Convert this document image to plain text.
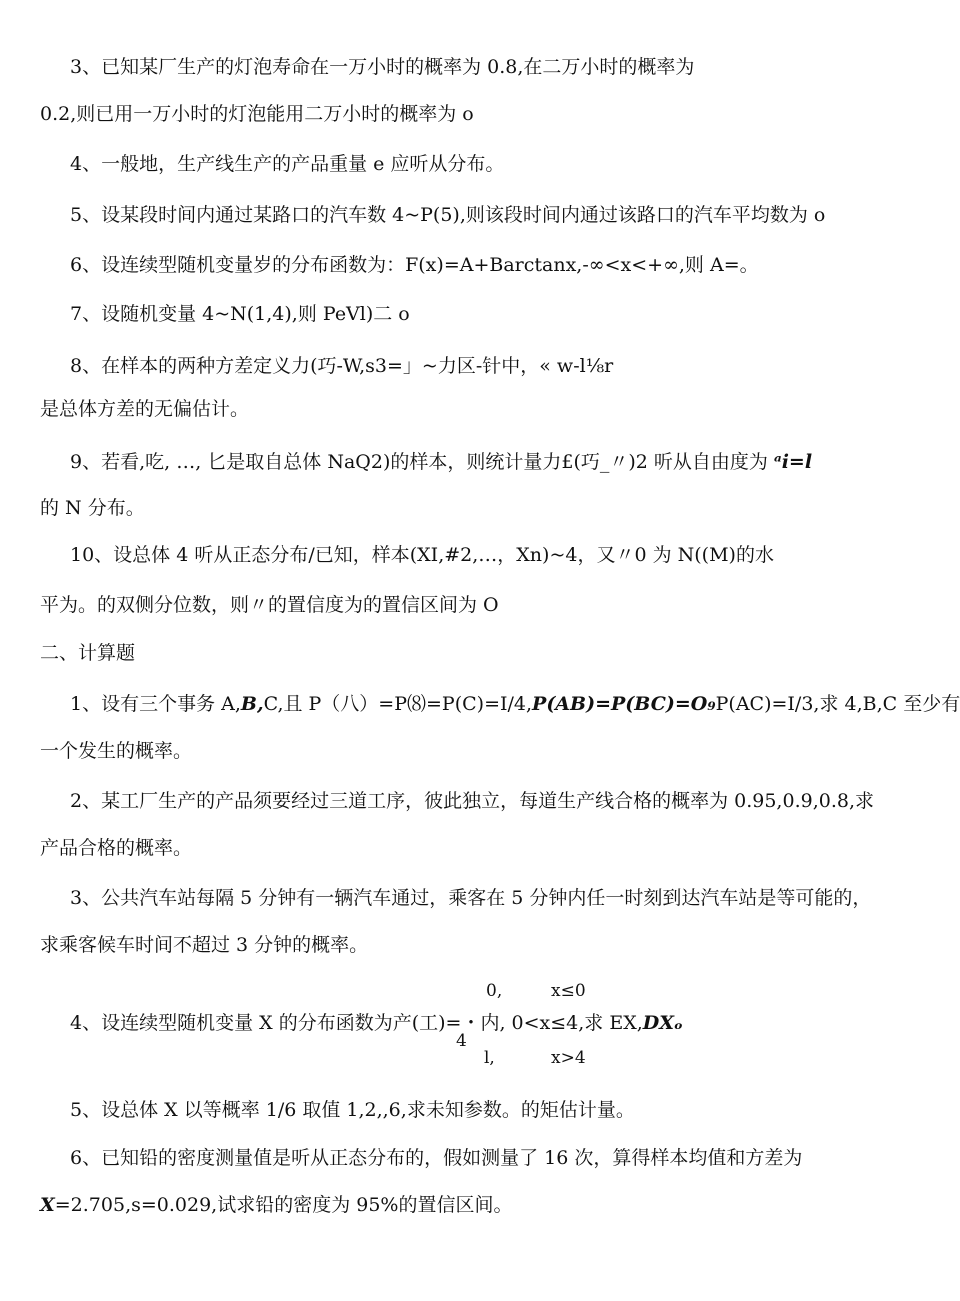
3、已知某厂生产的灯泡寿命在一万小时的概率为 0.8,在二万小时的概率为
0.2,则已用一万小时的灯泡能用二万小时的概率为 o
4、一般地，生产线生产的产品重量 e 应听从分布。
5、设某段时间内通过某路口的汽车数 4~P(5),则该段时间内通过该路口的汽车平均数为 o
6、设连续型随机变量岁的分布函数为：F(x)=A+Barctanx,-∞<x<+∞,则 A=。
7、设随机变量 4~N(1,4),则 PeVl)二 o
8、在样本的两种方差定义力(巧-W,s3=」~力区-针中，« w-l⅛r
是总体方差的无偏估计。
9、若看,吃, …, 匕是取自总体 NaQ2)的样本，则统计量力£(巧_〃)2 听从自由度为 ᵃi=l
的 N 分布。
10、设总体 4 听从正态分布/已知，样本(XI,#2,…，Xn)~4，又〃0 为 N((M)的水
平为。的双侧分位数，则〃的置信度为的置信区间为 O
二、计算题
1、设有三个事务 A,B,C,且 P（八）=P⑻=P(C)=I/4,P(AB)=P(BC)=O₉P(AC)=I/3,求 4,B,C 至少有
一个发生的概率。
2、某工厂生产的产品须要经过三道工序，彼此独立，每道生产线合格的概率为 0.95,0.9,0.8,求
产品合格的概率。
3、公共汽车站每隔 5 分钟有一辆汽车通过，乘客在 5 分钟内任一时刻到达汽车站是等可能的，
求乘客候车时间不超过 3 分钟的概率。
0,	x≤0
4、设连续型随机变量 X 的分布函数为产(工)=・内, 0<x≤4,求 EX,DXₒ
4
l,	x>4
5、设总体 X 以等概率 1/6 取值 1,2,,6,求未知参数。的矩估计量。
6、已知铅的密度测量值是听从正态分布的，假如测量了 16 次，算得样本均值和方差为
X=2.705,s=0.029,试求铅的密度为 95%的置信区间。
